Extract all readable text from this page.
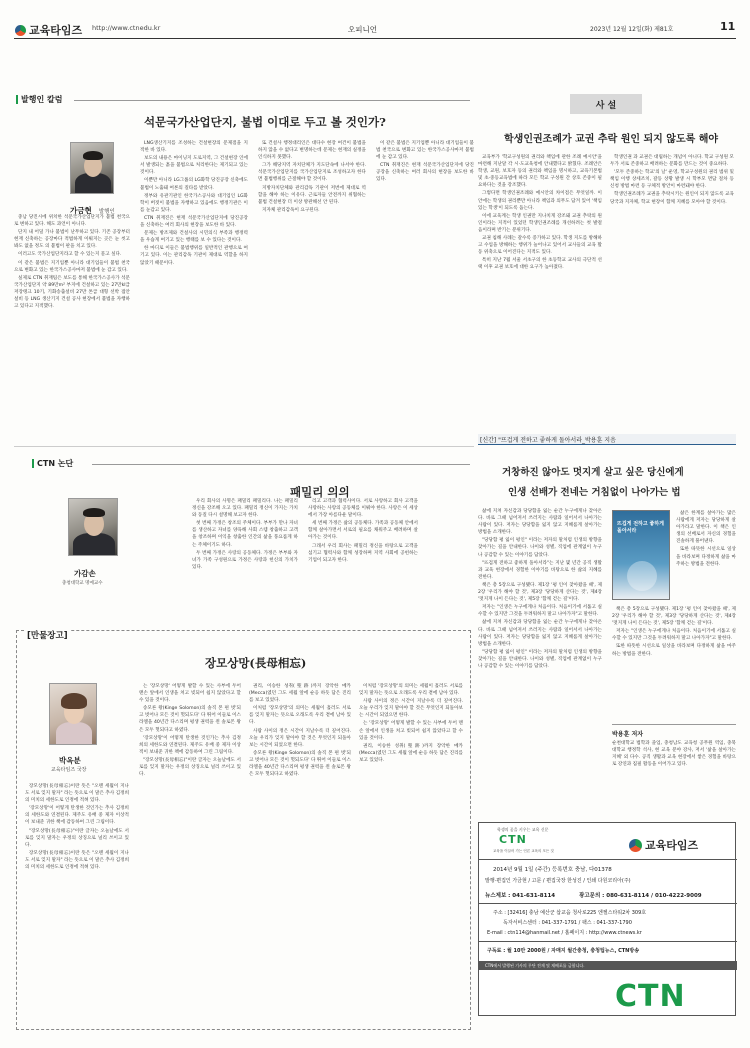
교육타임즈 http://www.ctnedu.kr	오피니언	2023년 12월 12일(화) 제81호	11
발행인 칼럼
석문국가산업단지, 불법 이대로 두고 볼 것인가?
가금현 발행인

충남 당진시에 위치한 석문국가산업단지가 불법 천국으로 변하고 있다. 해도 과언이 아니다.

단지 내 어딜 가나 불법이 난무하고 있다. 기존 공장부터 현재 신축하는 공장마다 적법하게 이뤄지는 곳은 눈 씻고 봐도 없을 정도 의 불법이 판을 치고 있다.

이러고도 국가산업단지라고 할 수 있는지 묻고 싶다.

이 같은 불법은 지기업뿐 아니라 대기업들이 불법 천국으로 변화고 있는 한국가스공사마저 불법에 눈 감고 있다.

실제로 CTN 취재팀은 보도를 통해 한국가스공사가 석문국가산업단지 약 89만m² 부지에 건설하고 있는 27만kl급 저장탱크 10기, 기화송출설비 27만 톤급 대형 선박 접안설비 등 LNG 생산기지 건설 공사 현장에서 불법을 자행하고 있다고 지적했다.

LNG생산기지를 조성하는 건설현장의 문제점을 지적한 바 있다.

보도의 내용은 마이닝지 도로지역, 그 건설현장 인에서 발생되는 흙을 불법으로 처리한다는 제기되고 있는 것이다.

이뿐만 아니라 LG그룹의 LG화학 당진공장 신축에도 불법이 노출돼 여론의 질타를 받았다.

정부와 유관기관인 한국가스공사와 대기업인 LG화학이 버젓이 불법을 자행하고 있음에도 행정기관은 이를 눈감고 있다.

CTN 취재진은 현재 석문국가산업단지에 당진공장을 신축하는 여러 회사의 현장을 보도한 바 있다.

문제는 방조제와 건설사의 시민의식 부족과 행정력을 우습게 여기고 있는 행태를 보 수 있다는 것이다.

한 마디로 이들은 불법행위를 일반적인 관행으로 여기고 있다. 이는 관리감독 기관이 제대로 역할을 하지 않았기 때문이다.

또 건설사 행정대리인은 대다수 현장 여건이 불법을 하지 않을 수 없다고 변명하는데 문제는 현재의 실정을 인식하지 못했다.

그가 해당지역 자치단체가 지도단속에 나서야 한다. 석문국가산업단지를 국가산업단지로 조성하고자 한다면 불법행위를 근절해야 할 것이다.

지방자치단체와 관리감독 기관이 저번에 제대로 역할을 해야 하는 이유다. 근로자들 안전까지 위협하는 불법 건설현장 더 이상 방관해선 안 된다.

지자체 관리감독이 요구된다.

이 같은 불법은 지기업뿐 아니라 대기업들이 불법 천국으로 변화고 있는 한국가스공사마저 불법에 눈 감고 있다.

CTN 취재진은 현재 석문국가산업단지에 당진공장을 신축하는 여러 회사의 현장을 보도한 바 있다.

사 설
학생인권조례가 교권 추락 원인 되지 않도록 해야

교육부가 '학교구성원의 권리와 책임에 관한 조례 예시안'을 마련해 지난달 각 시·도교육청에 안내했다고 밝혔다. 조례안은 학생, 교원, 보호자 등의 권리와 책임을 명시하고, 교육기본법 및 초·중등교육법에 따라 모든 학교 구성원 간 상호 존중이 필요하다는 것을 강조했다.

그렇다면 학생인권조례와 예시안의 차이점은 무엇일까. 이 안에는 학생의 권리뿐만 아니라 책임과 의무도 담겨 있어 '책임있는 학생'이 되도록 돕는다.

이에 교육계는 학생 인권만 지나치게 강조돼 교권 추락의 원인이라는 지적이 있었던 학생인권조례를 개선하려는 첫 발걸음이라며 반기는 분위기다.

교권 침해 사례는 갈수록 증가하고 있다. 학생 지도를 방해하고 수업을 방해하는 행위가 늘어나고 있어서 교사들의 교육 활동 위축으로 이어진다는 지적도 있다.

특히 지난 7월 서울 서초구의 한 초등학교 교사의 극단적 선택 이후 교권 보호에 대한 요구가 높아졌다.

학생인권 과 교권은 대립하는 개념이 아니다. 학교 구성원 모두가 서로 존중하고 배려하는 문화를 만드는 것이 중요하다.

'모두 존중하는 학교'의 날' 운영, 학교구성원의 권리 범위 및 책임 이행 상세조치, 갈등 상황 발생 시 학부모 면담 절차 등 신청 방법 마련 등 구체적 방안이 마련돼야 한다.

학생인권조례가 교권을 추락시키는 원인이 되지 않도록 교육 당국과 지자체, 학교 현장이 함께 지혜를 모아야 할 것이다.

CTN 논단
패밀리 의의
가감손
충청대학교 명예교수

우리 회사의 사명은 패밀리 패밀리다. 나는 패밀리 정신을 강조해 오고 있다. 패밀리 정신이 가지는 가치와 동질 다시 설명해 보고자 한다.

첫 번째 가정은 창조의 주체이다. 부부가 만나 자녀를 생산하고 자녀를 양육해 사회 스템 창출하고 고객을 창조하며 이익을 창출한 인간의 삶을 풍요롭게 하는 주체이기도 하다.

두 번째 가정은 사랑의 공동체다. 가정은 부부와 자녀가 가족 구성원으로 가정은 사랑과 헌신의 가치가 있다.

리고 고객과 협력사이다. 서로 사랑하고 회사 고객을 사랑하는 사랑의 공동체를 이뤄야 한다. 사랑은 이 세상에서 가장 아름다운 말이다.

세 번째 가정은 삶의 공동체다. 가족과 공동체 안에서 함께 살아가면서 서로의 필요를 채워주고 배려하며 살아가는 것이다.

그래서 우리 회사는 패밀리 정신을 바탕으로 고객을 섬기고 협력사와 함께 성장하며 지역 사회에 공헌하는 기업이 되고자 한다.

[신간] "뜨겁게 전하고 좋하게 돌아서라_박용훈 지음
거창하진 않아도 멋지게 살고 싶은 당신에게
인생 선배가 전네는 거침없이 나아가는 법

삶에 지쳐 자신감과 당당함을 잃는 순간 누구에게나 찾아온다. 바로 그때 넘어져서 쓰러지는 사람과 일어서서 나아가는 사람이 있다. 저자는 당당함을 잃지 않고 지혜롭게 살아가는 방법을 소개한다.

"당당함 평 잃이 평인" 이라는 저자의 말처럼 인생의 방향을 찾아가는 길을 안내한다. 나이와 성별, 직업에 관계없이 누구나 공감할 수 있는 이야기를 담았다.

"뜨겁게 전하고 좋하게 돌아서라"는 지난 몇 년간 공직 생활과 교육 현장에서 경험한 이야기를 바탕으로 한 삶의 지혜를 전한다.

책은 총 5장으로 구성됐다. 제1장 '평 인이 찾아왔을 때', 제2장 '우리가 해야 할 것', 제3장 '당당하게 산다는 것', 제4장 '멋지게 나이 든다는 것', 제5장 '함께 걷는 길'이다.

저자는 "인생은 누구에게나 처음이다. 처음이기에 서툴고 실수할 수 있지만 그것을 두려워하지 말고 나아가자"고 말한다.

삶에 지쳐 자신감과 당당함을 잃는 순간 누구에게나 찾아온다. 바로 그때 넘어져서 쓰러지는 사람과 일어서서 나아가는 사람이 있다. 저자는 당당함을 잃지 않고 지혜롭게 살아가는 방법을 소개한다.

"당당함 평 잃이 평인" 이라는 저자의 말처럼 인생의 방향을 찾아가는 길을 안내한다. 나이와 성별, 직업에 관계없이 누구나 공감할 수 있는 이야기를 담았다.

뜨겁게 전하고 좋하게 돌아서라

삶은 한계를 살아가는 많은 사람에게 저자는 당당하게 살아가라고 말한다. 이 책은 인생의 선배로서 자신의 경험을 진솔하게 풀어낸다.

또한 따뜻한 시선으로 일상을 바라보며 다정하게 삶을 마주하는 방법을 전한다.

책은 총 5장으로 구성됐다. 제1장 '평 인이 찾아왔을 때', 제2장 '우리가 해야 할 것', 제3장 '당당하게 산다는 것', 제4장 '멋지게 나이 든다는 것', 제5장 '함께 걷는 길'이다.

저자는 "인생은 누구에게나 처음이다. 처음이기에 서툴고 실수할 수 있지만 그것을 두려워하지 말고 나아가자"고 말한다.

또한 따뜻한 시선으로 일상을 바라보며 다정하게 삶을 마주하는 방법을 전한다.

박용훈 저자
순천대학교 법학과 졸업, 충청남도 교육청 공무원 역임, 충북대학교 행정학 석사, 현 교육 분야 강사, 저서 '삶을 살아가는 지혜' 외 다수. 공직 생활과 교육 현장에서 쌓은 경험을 바탕으로 강연과 집필 활동을 이어가고 있다.
[만물장고]
장모상망(長母相忘)
박옥분
교육타임즈 국장

장모상망(長母相忘)이란 뜻은 "오랜 세월이 지나도 서로 잊지 말자" 라는 뜻으로 이 말은 추사 김정희의 미치의 세한도로 인정에 적혀 있다.

'장모상망'이 어떻게 탄생한 것인가는 추사 김정희의 세한도와 연결된다. 제주도 유배 중 제자 이상적이 보내준 귀한 책에 감동하여 그린 그림이다.

"장모상망(長母相忘)"이란 글자는 오늘날에도 서로를 잊지 말자는 우정의 상징으로 널리 쓰이고 있다.

장모상망(長母相忘)이란 뜻은 "오랜 세월이 지나도 서로 잊지 말자" 라는 뜻으로 이 말은 추사 김정희의 미치의 세한도로 인정에 적혀 있다.

는 '장모상망' 어떻게 발할 수 있는 사부에 두어 맨손 앞에서 인생을 쳐고 빚되어 쉽지 않았다고 할 수 있을 것이다.

송모른 왕(Kinge Solomon)의 솔직 본 편 벗'되고 벗어나 모든 것이 헛되도다' 다 뛰어 이들로 이스라엘을 40년간 다스리며 평생 권력을 쥔 솔로몬 왕은 모두 헛되다고 하였다.

'장모상망'이 어떻게 탄생한 것인가는 추사 김정희의 세한도와 연결된다. 제주도 유배 중 제자 이상적이 보내준 귀한 책에 감동하여 그린 그림이다.

"장모상망(長母相忘)"이란 글자는 오늘날에도 서로를 잊지 말자는 우정의 상징으로 널리 쓰이고 있다.

권리, 이승한 성취(聖跡)까지 장악한 메카(Mecca)였던 그도 세월 앞에 순응 하듯 담은 진리를 보고 있었다.

이처럼 '장모상망'의 의미는 세월이 흘러도 서로를 잊지 말자는 뜻으로 오래도록 우리 곁에 남아 있다.

사람 사이의 정은 시간이 지날수록 더 깊어진다. 오늘 우리가 잊지 말아야 할 것은 무엇인지 되돌아보는 시간이 되었으면 한다.

송모른 왕(Kinge Solomon)의 솔직 본 편 벗'되고 벗어나 모든 것이 헛되도다' 다 뛰어 이들로 이스라엘을 40년간 다스리며 평생 권력을 쥔 솔로몬 왕은 모두 헛되다고 하였다.

이처럼 '장모상망'의 의미는 세월이 흘러도 서로를 잊지 말자는 뜻으로 오래도록 우리 곁에 남아 있다.

사람 사이의 정은 시간이 지날수록 더 깊어진다. 오늘 우리가 잊지 말아야 할 것은 무엇인지 되돌아보는 시간이 되었으면 한다.

는 '장모상망' 어떻게 발할 수 있는 사부에 두어 맨손 앞에서 인생을 쳐고 빚되어 쉽지 않았다고 할 수 있을 것이다.

권리, 이승한 성취(聖跡)까지 장악한 메카(Mecca)였던 그도 세월 앞에 순응 하듯 담은 진리를 보고 있었다.

학생의 꿈을 키우는 교육 신문
CTN
교육을 이끌어 가는 언론 교육의 모든 것	교육타임즈
2014년 9월 1일 (주간) 등록번호 충남, 다01378
발행·편집인 가금현 / 고문 / 편집국장 한성진 / 인쇄 다원코리아(주)
뉴스제보 : 041-631-8114	광고문의 : 080-631-8114 / 010-4222-9009
주소 : [32416] 충남 예산군 삽교읍 청사로225 엔젤스타워2차 309호
독자서비스센터 : 041-337-1791 / 팩스 : 041-337-1790
E-mail : ctn114@hanmail.net / 홈페이지 : http://www.ctnews.kr
구독료 : 월 10만 2000원 / 자매지 월간충청, 충청팁뉴스, CTN방송
CTN에서 발행된 기사의 무단 전재 및 재배포를 금합니다.
CTN
